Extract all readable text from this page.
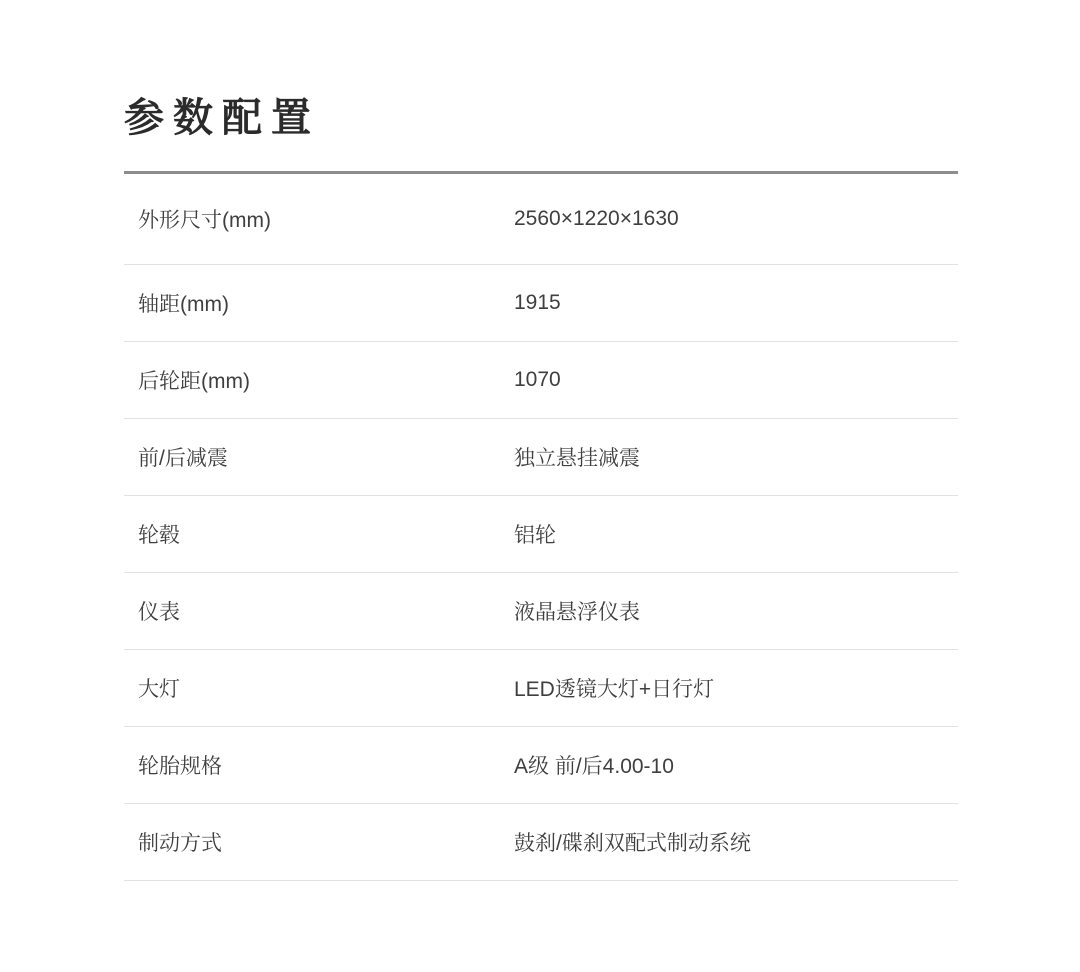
参数配置
外形尺寸(mm)	2560×1220×1630
轴距(mm)	1915
后轮距(mm)	1070
前/后减震	独立悬挂减震
轮毂	铝轮
仪表	液晶悬浮仪表
大灯	LED透镜大灯+日行灯
轮胎规格	A级 前/后4.00-10
制动方式	鼓刹/碟刹双配式制动系统
